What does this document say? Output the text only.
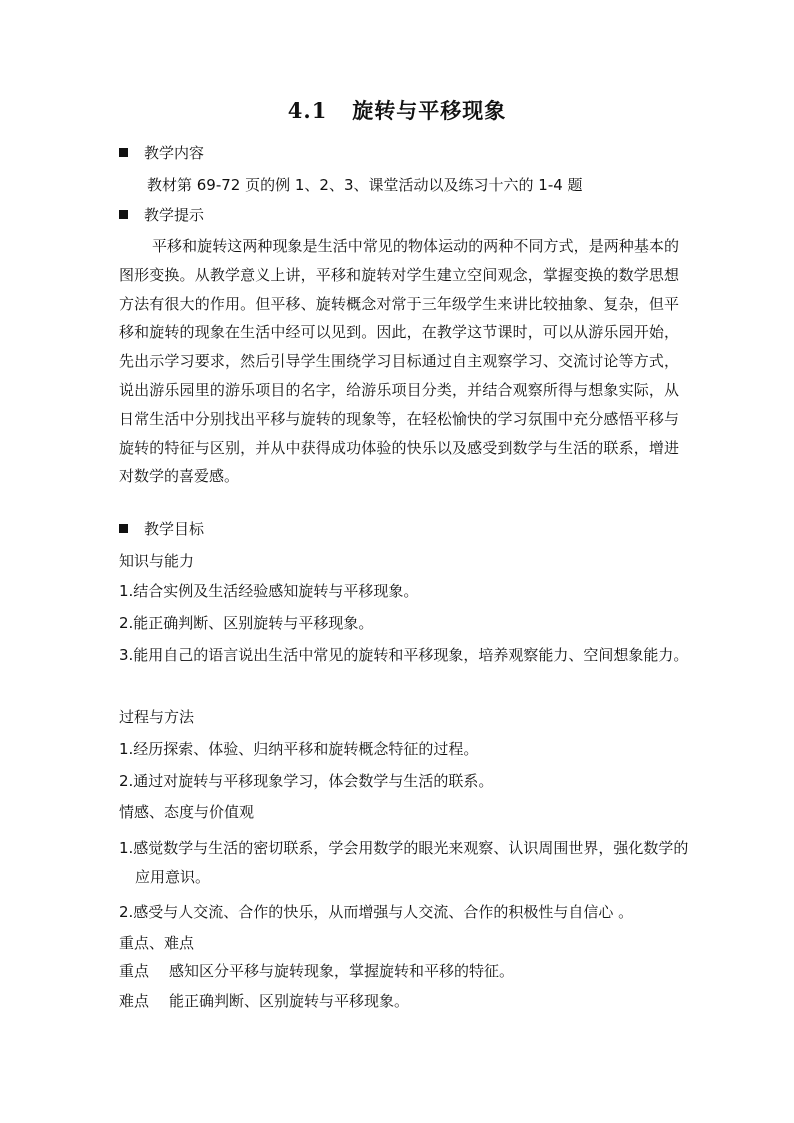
4.1   旋转与平移现象
教学内容
教材第 69-72 页的例 1、2、3、课堂活动以及练习十六的 1-4 题
教学提示

平移和旋转这两种现象是生活中常见的物体运动的两种不同方式，是两种基本的图形变换。从教学意义上讲，平移和旋转对学生建立空间观念，掌握变换的数学思想方法有很大的作用。但平移、旋转概念对常于三年级学生来讲比较抽象、复杂，但平移和旋转的现象在生活中经可以见到。因此，在教学这节课时，可以从游乐园开始，先出示学习要求，然后引导学生围绕学习目标通过自主观察学习、交流讨论等方式，说出游乐园里的游乐项目的名字，给游乐项目分类，并结合观察所得与想象实际，从日常生活中分别找出平移与旋转的现象等，在轻松愉快的学习氛围中充分感悟平移与旋转的特征与区别，并从中获得成功体验的快乐以及感受到数学与生活的联系，增进对数学的喜爱感。

教学目标
知识与能力

1.结合实例及生活经验感知旋转与平移现象。

2.能正确判断、区别旋转与平移现象。

3.能用自己的语言说出生活中常见的旋转和平移现象，培养观察能力、空间想象能力。

过程与方法

1.经历探索、体验、归纳平移和旋转概念特征的过程。

2.通过对旋转与平移现象学习，体会数学与生活的联系。

情感、态度与价值观

1.感觉数学与生活的密切联系，学会用数学的眼光来观察、认识周围世界，强化数学的应用意识。

2.感受与人交流、合作的快乐，从而增强与人交流、合作的积极性与自信心 。

重点、难点
重点 感知区分平移与旋转现象，掌握旋转和平移的特征。
难点 能正确判断、区别旋转与平移现象。
